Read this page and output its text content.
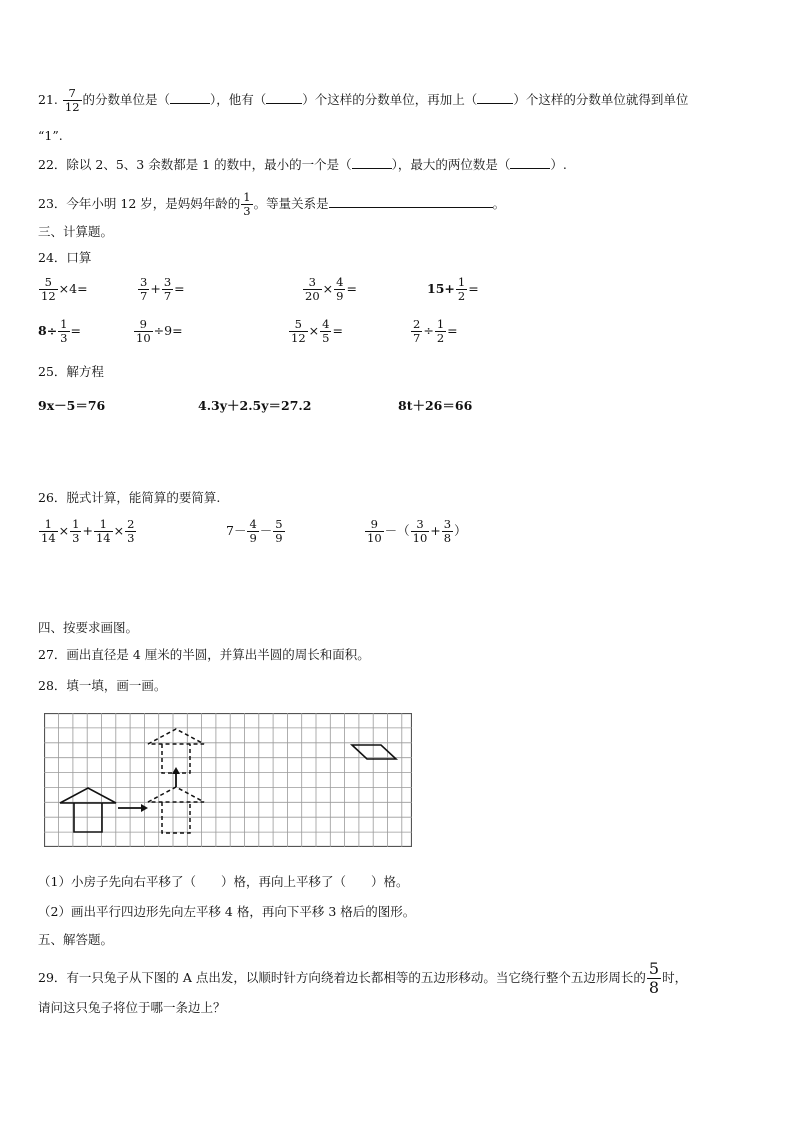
21. $\frac{7}{12}$ 的分数单位是（	），他有（	）个这样的分数单位，再加上（	）个这样的分数单位就得到单位
“1”.
22．除以 2、5、3 余数都是 1 的数中，最小的一个是（	），最大的两位数是（	）.
23．今年小明 12 岁，是妈妈年龄的 $\frac{1}{3}$ 。等量关系是	。
三、计算题。
24．口算
$\frac{5}{12} \times 4=$	$\frac{3}{7} + \frac{3}{7}$ =	$\frac{3}{20} \times \frac{4}{9}$ =	$15+ \frac{1}{2}$ =
$8\div \frac{1}{3}$ =	$\frac{9}{10} \div 9=$	$\frac{5}{12} \times \frac{4}{5}$ =	$\frac{2}{7} \div \frac{1}{2}$ =
25．解方程
9x－5＝76	4.3y＋2.5y＝27.2	8t＋26＝66
26．脱式计算，能简算的要简算.
$\frac{1}{14} \times \frac{1}{3} + \frac{1}{14} \times \frac{2}{3}$	$7- \frac{4}{9} - \frac{5}{9}$	$\frac{9}{10}$ －（ $\frac{3}{10} + \frac{3}{8}$ ）
四、按要求画图。
27．画出直径是 4 厘米的半圆，并算出半圆的周长和面积。
28．填一填，画一画。
（1）小房子先向右平移了（　　）格，再向上平移了（　　）格。
（2）画出平行四边形先向左平移 4 格，再向下平移 3 格后的图形。
五、解答题。
29．有一只兔子从下图的 A 点出发，以顺时针方向绕着边长都相等的五边形移动。当它绕行整个五边形周长的 $\frac{5}{8}$ 时，
请问这只兔子将位于哪一条边上？
